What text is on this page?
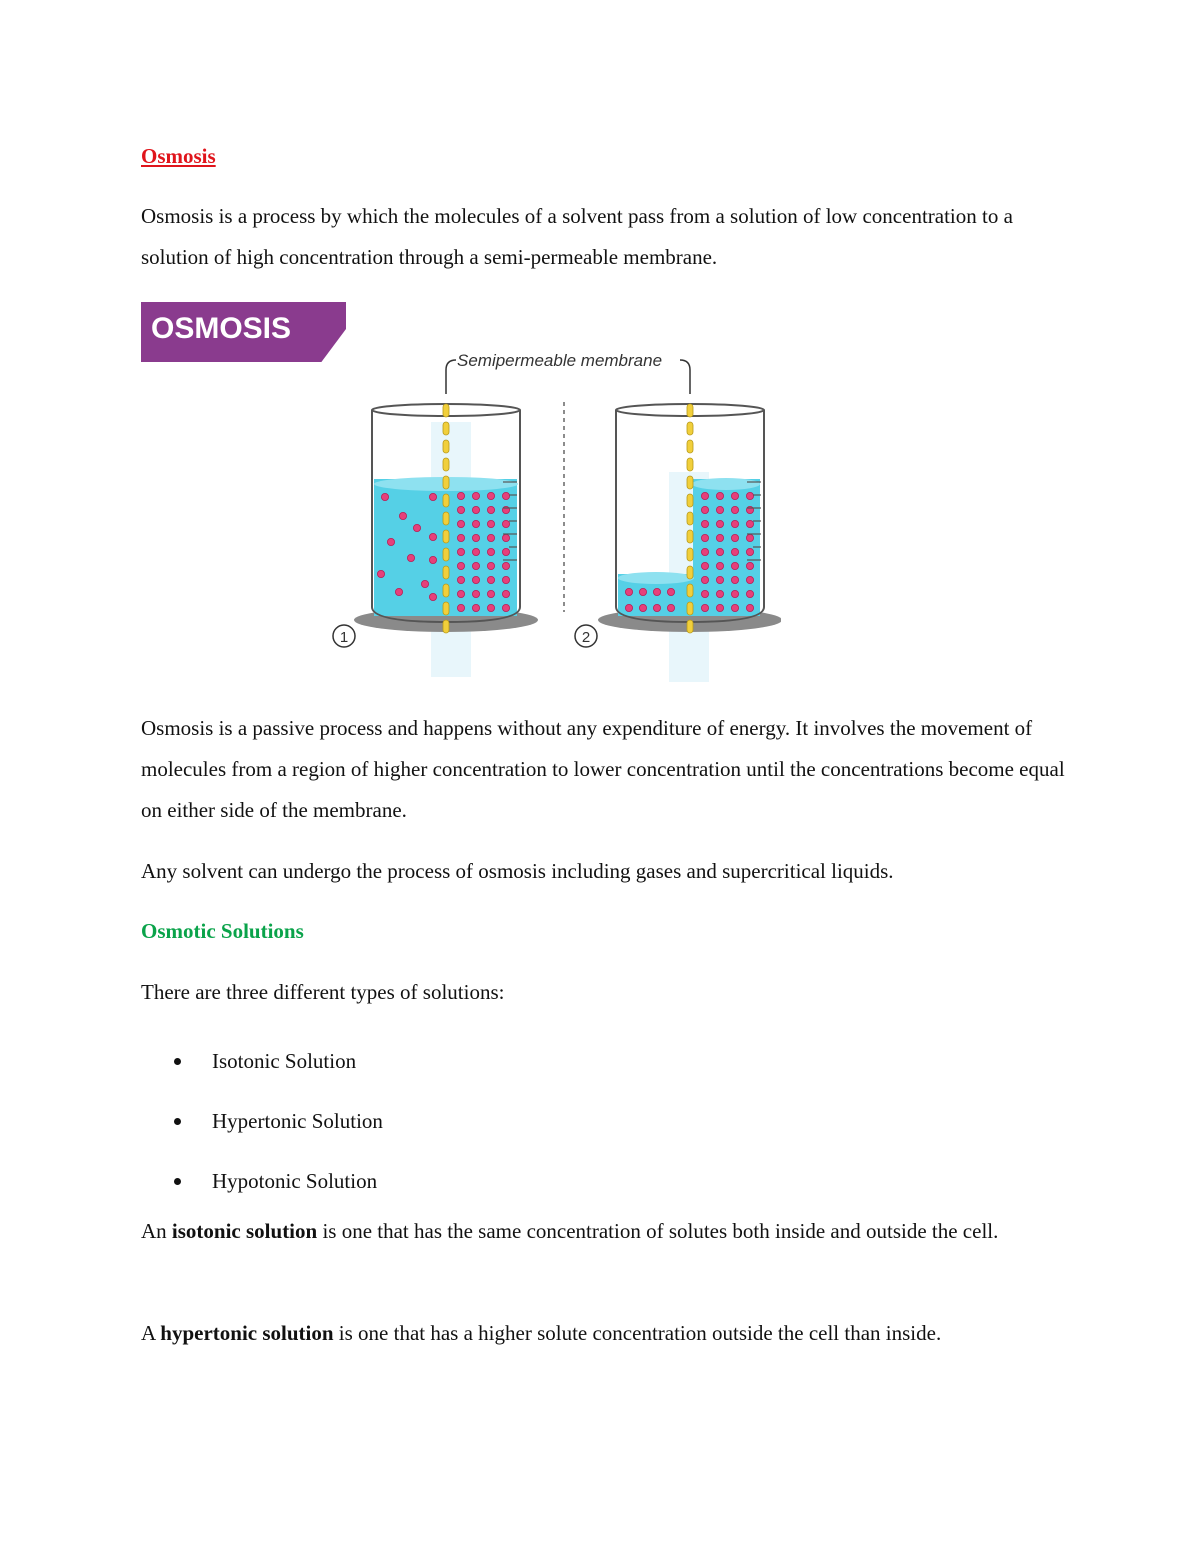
Osmosis

Osmosis is a process by which the molecules of a solvent pass from a solution of low concentration to a solution of high concentration through a semi-permeable membrane.

OSMOSIS
Semipermeable membrane
1	2

Osmosis is a passive process and happens without any expenditure of energy. It involves the movement of molecules from a region of higher concentration to lower concentration until the concentrations become equal on either side of the membrane.

Any solvent can undergo the process of osmosis including gases and supercritical liquids.

Osmotic Solutions

There are three different types of solutions:

Isotonic Solution
Hypertonic Solution
Hypotonic Solution

An isotonic solution is one that has the same concentration of solutes both inside and outside the cell.

A hypertonic solution is one that has a higher solute concentration outside the cell than inside.
